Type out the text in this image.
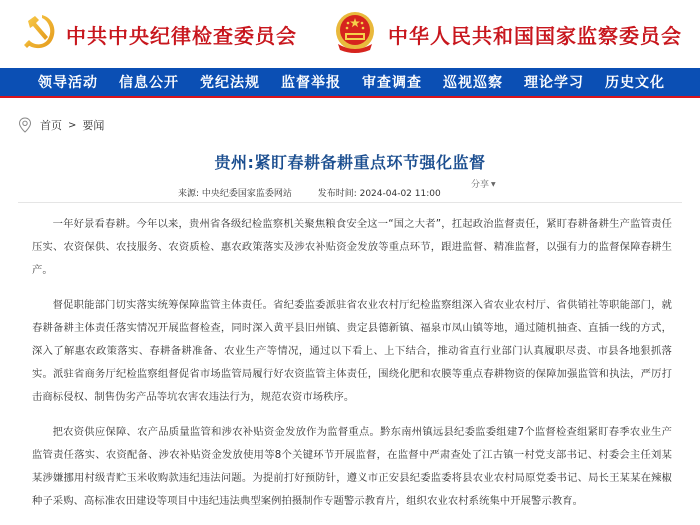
中共中央纪律检查委员会	中华人民共和国国家监察委员会
领导活动 信息公开 党纪法规 监督举报 审查调查 巡视巡察 理论学习 历史文化
首页 > 要闻
贵州:紧盯春耕备耕重点环节强化监督
分享 ▼
来源: 中央纪委国家监委网站	发布时间: 2024-04-02 11:00

一年好景看春耕。今年以来，贵州省各级纪检监察机关聚焦粮食安全这一“国之大者”，扛起政治监督责任，紧盯春耕备耕生产监管责任压实、农资保供、农技服务、农资质检、惠农政策落实及涉农补贴资金发放等重点环节，跟进监督、精准监督，以强有力的监督保障春耕生产。

督促职能部门切实落实统筹保障监管主体责任。省纪委监委派驻省农业农村厅纪检监察组深入省农业农村厅、省供销社等职能部门，就春耕备耕主体责任落实情况开展监督检查，同时深入黄平县旧州镇、贵定县德新镇、福泉市凤山镇等地，通过随机抽查、直插一线的方式，深入了解惠农政策落实、春耕备耕准备、农业生产等情况，通过以下看上、上下结合，推动省直行业部门认真履职尽责、市县各地狠抓落实。派驻省商务厅纪检监察组督促省市场监管局履行好农资监管主体责任，围绕化肥和农膜等重点春耕物资的保障加强监管和执法，严厉打击商标侵权、制售伪劣产品等坑农害农违法行为，规范农资市场秩序。

把农资供应保障、农产品质量监管和涉农补贴资金发放作为监督重点。黔东南州镇远县纪委监委组建7个监督检查组紧盯春季农业生产监管责任落实、农资配备、涉农补贴资金发放使用等8个关键环节开展监督，在监督中严肃查处了江古镇一村党支部书记、村委会主任刘某某涉嫌挪用村级青贮玉米收购款违纪违法问题。为提前打好预防针，遵义市正安县纪委监委将县农业农村局原党委书记、局长王某某在辣椒种子采购、高标准农田建设等项目中违纪违法典型案例拍摄制作专题警示教育片，组织农业农村系统集中开展警示教育。
